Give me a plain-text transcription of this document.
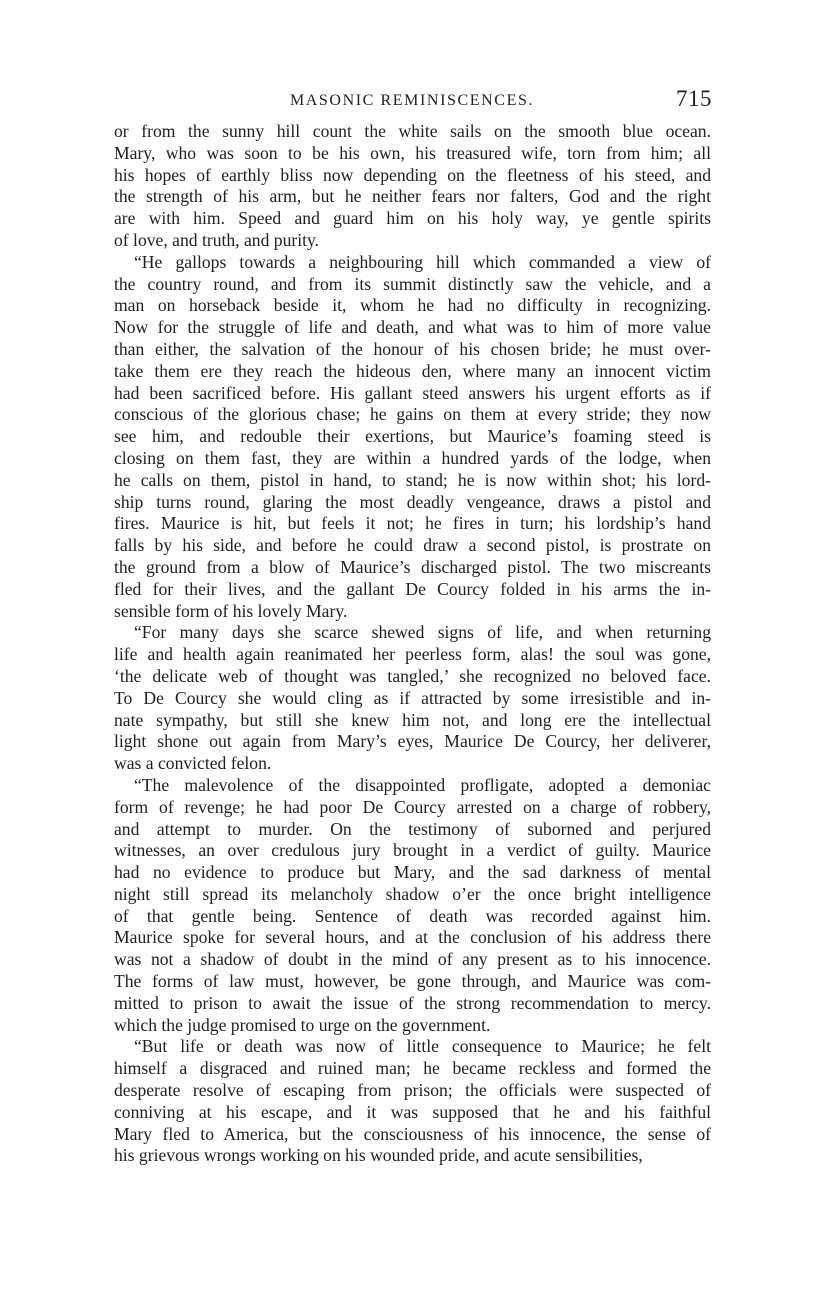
MASONIC REMINISCENCES.	715
or from the sunny hill count the white sails on the smooth blue ocean.
Mary, who was soon to be his own, his treasured wife, torn from him; all
his hopes of earthly bliss now depending on the fleetness of his steed, and
the strength of his arm, but he neither fears nor falters, God and the right
are with him. Speed and guard him on his holy way, ye gentle spirits
of love, and truth, and purity.
“He gallops towards a neighbouring hill which commanded a view of
the country round, and from its summit distinctly saw the vehicle, and a
man on horseback beside it, whom he had no difficulty in recognizing.
Now for the struggle of life and death, and what was to him of more value
than either, the salvation of the honour of his chosen bride; he must over-
take them ere they reach the hideous den, where many an innocent victim
had been sacrificed before. His gallant steed answers his urgent efforts as if
conscious of the glorious chase; he gains on them at every stride; they now
see him, and redouble their exertions, but Maurice’s foaming steed is
closing on them fast, they are within a hundred yards of the lodge, when
he calls on them, pistol in hand, to stand; he is now within shot; his lord-
ship turns round, glaring the most deadly vengeance, draws a pistol and
fires. Maurice is hit, but feels it not; he fires in turn; his lordship’s hand
falls by his side, and before he could draw a second pistol, is prostrate on
the ground from a blow of Maurice’s discharged pistol. The two miscreants
fled for their lives, and the gallant De Courcy folded in his arms the in-
sensible form of his lovely Mary.
“For many days she scarce shewed signs of life, and when returning
life and health again reanimated her peerless form, alas! the soul was gone,
‘the delicate web of thought was tangled,’ she recognized no beloved face.
To De Courcy she would cling as if attracted by some irresistible and in-
nate sympathy, but still she knew him not, and long ere the intellectual
light shone out again from Mary’s eyes, Maurice De Courcy, her deliverer,
was a convicted felon.
“The malevolence of the disappointed profligate, adopted a demoniac
form of revenge; he had poor De Courcy arrested on a charge of robbery,
and attempt to murder. On the testimony of suborned and perjured
witnesses, an over credulous jury brought in a verdict of guilty. Maurice
had no evidence to produce but Mary, and the sad darkness of mental
night still spread its melancholy shadow o’er the once bright intelligence
of that gentle being. Sentence of death was recorded against him.
Maurice spoke for several hours, and at the conclusion of his address there
was not a shadow of doubt in the mind of any present as to his innocence.
The forms of law must, however, be gone through, and Maurice was com-
mitted to prison to await the issue of the strong recommendation to mercy.
which the judge promised to urge on the government.
“But life or death was now of little consequence to Maurice; he felt
himself a disgraced and ruined man; he became reckless and formed the
desperate resolve of escaping from prison; the officials were suspected of
conniving at his escape, and it was supposed that he and his faithful
Mary fled to America, but the consciousness of his innocence, the sense of
his grievous wrongs working on his wounded pride, and acute sensibilities,
